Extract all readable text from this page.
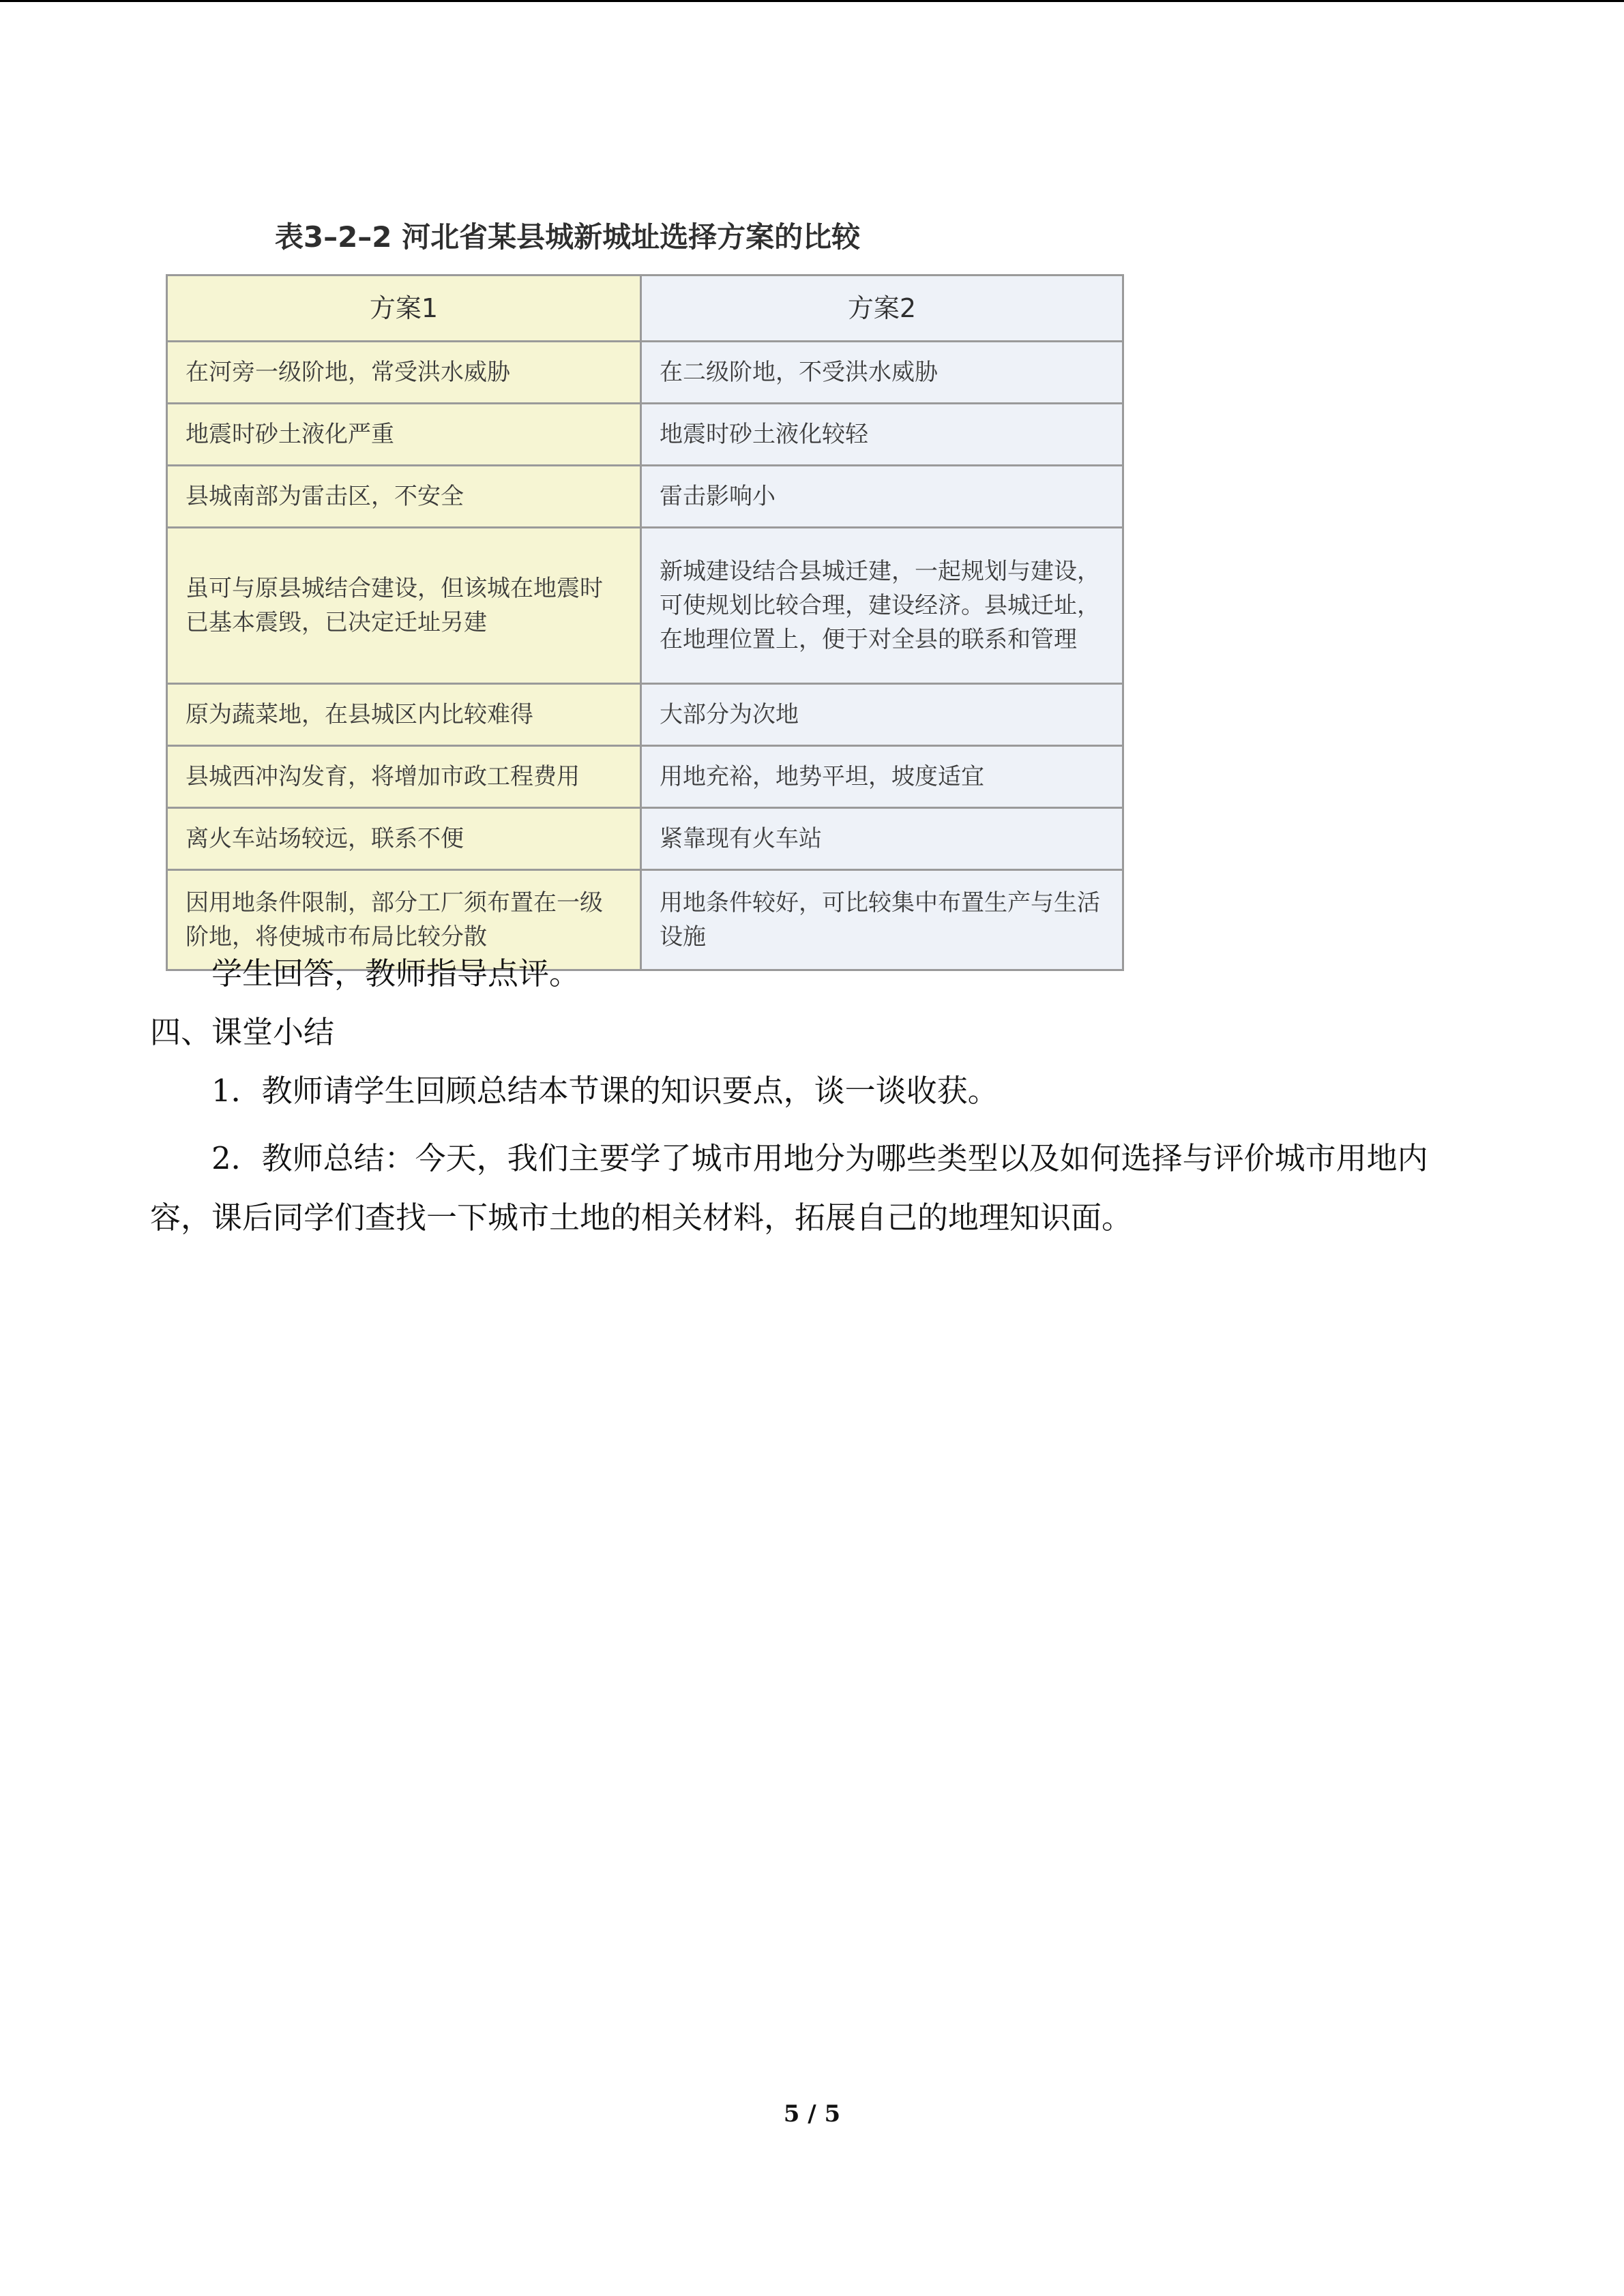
表3–2–2 河北省某县城新城址选择方案的比较
方案1	方案2
在河旁一级阶地，常受洪水威胁	在二级阶地，不受洪水威胁
地震时砂土液化严重	地震时砂土液化较轻
县城南部为雷击区，不安全	雷击影响小
虽可与原县城结合建设，但该城在地震时已基本震毁，已决定迁址另建	新城建设结合县城迁建，一起规划与建设，可使规划比较合理，建设经济。县城迁址，在地理位置上，便于对全县的联系和管理
原为蔬菜地，在县城区内比较难得	大部分为次地
县城西冲沟发育，将增加市政工程费用	用地充裕，地势平坦，坡度适宜
离火车站场较远，联系不便	紧靠现有火车站
因用地条件限制，部分工厂须布置在一级阶地，将使城市布局比较分散	用地条件较好，可比较集中布置生产与生活设施
学生回答，教师指导点评。
四、课堂小结
1．教师请学生回顾总结本节课的知识要点，谈一谈收获。
2．教师总结：今天，我们主要学了城市用地分为哪些类型以及如何选择与评价城市用地内容，课后同学们查找一下城市土地的相关材料，拓展自己的地理知识面。
5 / 5
